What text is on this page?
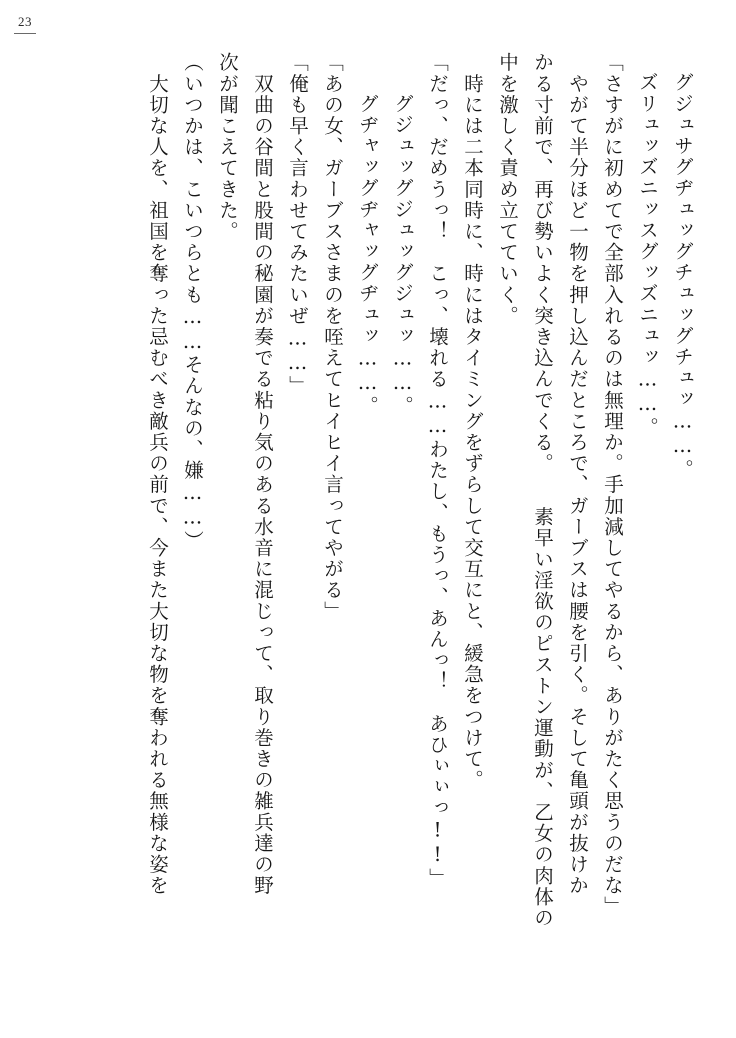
23
グジュサグヂュッグチュッグチュッ……。
ズリュッズニッスグッズニュッ……。
「さすがに初めてで全部入れるのは無理か。手加減してやるから、ありがたく思うのだな」
　やがて半分ほど一物を押し込んだところで、ガーブスは腰を引く。そして亀頭が抜けか
かる寸前で、再び勢いよく突き込んでくる。　　素早い淫欲のピストン運動が、乙女の肉体の
中を激しく責め立てていく。
　時には二本同時に、時にはタイミングをずらして交互にと、緩急をつけて。
「だっ、だめうっ！　こっ、壊れる……わたし、もうっ、あんっ！　あひぃぃっ!!」
　グジュッグジュッグジュッ……。
　グヂャッグヂャッグヂュッ……。
「あの女、ガーブスさまのを咥えてヒイヒイ言ってやがる」
「俺も早く言わせてみたいぜ……」
　双曲の谷間と股間の秘園が奏でる粘り気のある水音に混じって、取り巻きの雑兵達の野
次が聞こえてきた。
（いつかは、こいつらとも……そんなの、嫌……）
　大切な人を、祖国を奪った忌むべき敵兵の前で、今また大切な物を奪われる無様な姿を
